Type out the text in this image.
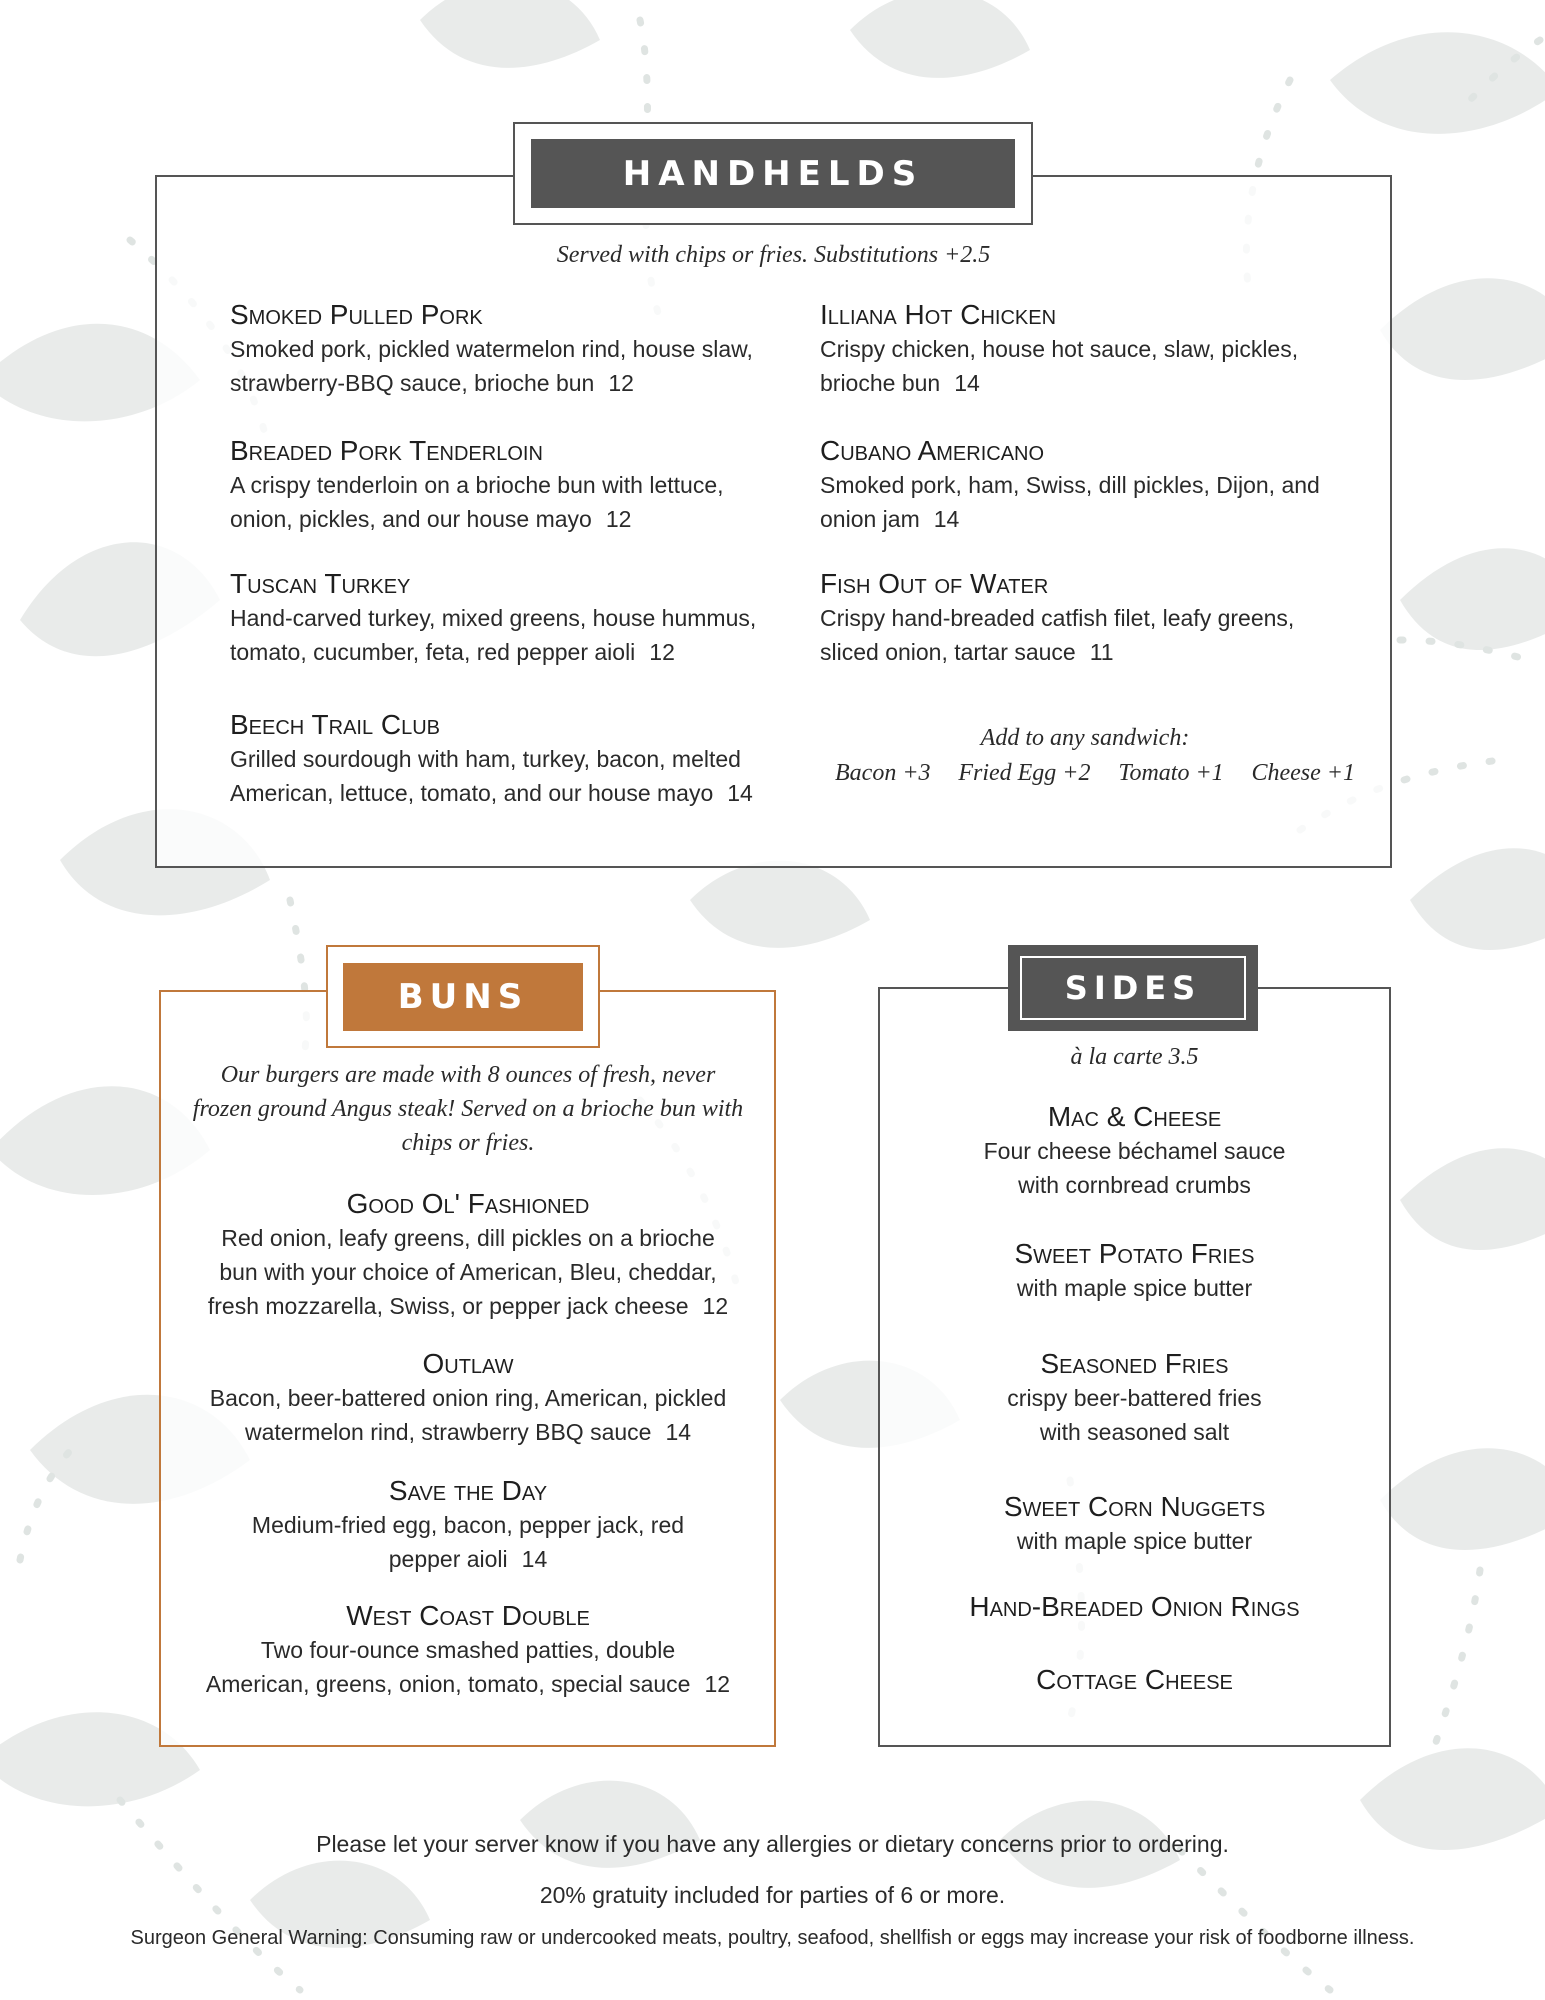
HANDHELDS
Served with chips or fries. Substitutions +2.5

Smoked Pulled Pork

Smoked pork, pickled watermelon rind, house slaw,
strawberry-BBQ sauce, brioche bun 12

Breaded Pork Tenderloin

A crispy tenderloin on a brioche bun with lettuce,
onion, pickles, and our house mayo 12

Tuscan Turkey

Hand-carved turkey, mixed greens, house hummus,
tomato, cucumber, feta, red pepper aioli 12

Beech Trail Club

Grilled sourdough with ham, turkey, bacon, melted
American, lettuce, tomato, and our house mayo 14

Illiana Hot Chicken

Crispy chicken, house hot sauce, slaw, pickles,
brioche bun 14

Cubano Americano

Smoked pork, ham, Swiss, dill pickles, Dijon, and
onion jam 14

Fish Out of Water

Crispy hand-breaded catfish filet, leafy greens,
sliced onion, tartar sauce 11

Add to any sandwich:
Bacon +3 Fried Egg +2 Tomato +1 Cheese +1
BUNS
Our burgers are made with 8 ounces of fresh, never
frozen ground Angus steak! Served on a brioche bun with
chips or fries.

Good Ol' Fashioned

Red onion, leafy greens, dill pickles on a brioche
bun with your choice of American, Bleu, cheddar,
fresh mozzarella, Swiss, or pepper jack cheese 12

Outlaw

Bacon, beer-battered onion ring, American, pickled
watermelon rind, strawberry BBQ sauce 14

Save the Day

Medium-fried egg, bacon, pepper jack, red
pepper aioli 14

West Coast Double

Two four-ounce smashed patties, double
American, greens, onion, tomato, special sauce 12

SIDES
à la carte 3.5

Mac & Cheese

Four cheese béchamel sauce
with cornbread crumbs

Sweet Potato Fries

with maple spice butter

Seasoned Fries

crispy beer-battered fries
with seasoned salt

Sweet Corn Nuggets

with maple spice butter

Hand-Breaded Onion Rings

Cottage Cheese

Please let your server know if you have any allergies or dietary concerns prior to ordering.
20% gratuity included for parties of 6 or more.
Surgeon General Warning: Consuming raw or undercooked meats, poultry, seafood, shellfish or eggs may increase your risk of foodborne illness.
